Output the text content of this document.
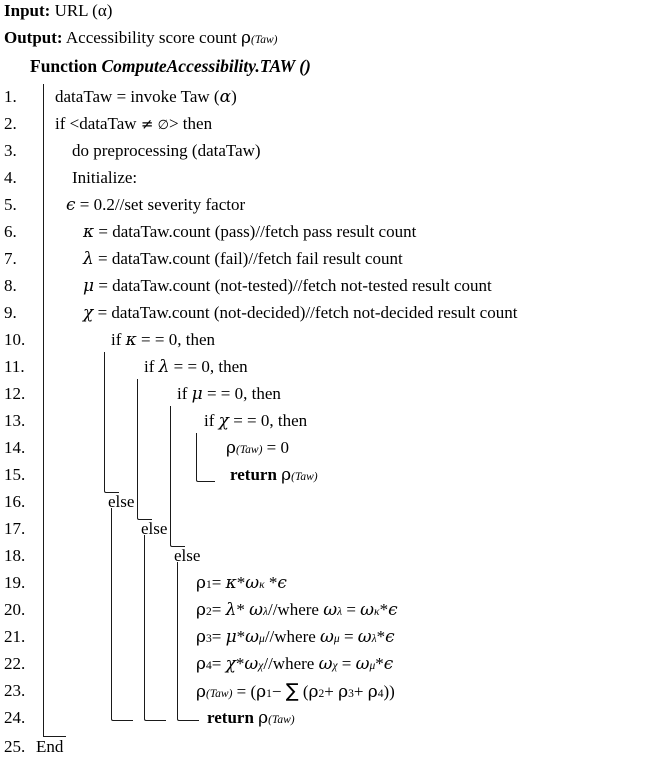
Input: URL (α)
Output: Accessibility score count ρ(Taw)
Function ComputeAccessibility.TAW ()
1.
2.
3.
4.
5.
6.
7.
8.
9.
10.
11.
12.
13.
14.
15.
16.
17.
18.
19.
20.
21.
22.
23.
24.
25.
dataTaw = invoke Taw (α)
if <dataTaw ≠ ∅> then
do preprocessing (dataTaw)
Initialize:
ϵ = 0.2//set severity factor
κ = dataTaw.count (pass)//fetch pass result count
λ = dataTaw.count (fail)//fetch fail result count
μ = dataTaw.count (not-tested)//fetch not-tested result count
χ = dataTaw.count (not-decided)//fetch not-decided result count
if κ = = 0, then
if λ = = 0, then
if μ = = 0, then
if χ = = 0, then
ρ(Taw) = 0
return ρ(Taw)
else
else
else
ρ1= κ*ωκ *ϵ
ρ2= λ* ωλ//where ωλ = ωκ*ϵ
ρ3= μ*ωμ//where ωμ = ωλ*ϵ
ρ4= χ*ωχ//where ωχ = ωμ*ϵ
ρ(Taw) = (ρ1− ∑ (ρ2+ ρ3+ ρ4))
return ρ(Taw)
End
